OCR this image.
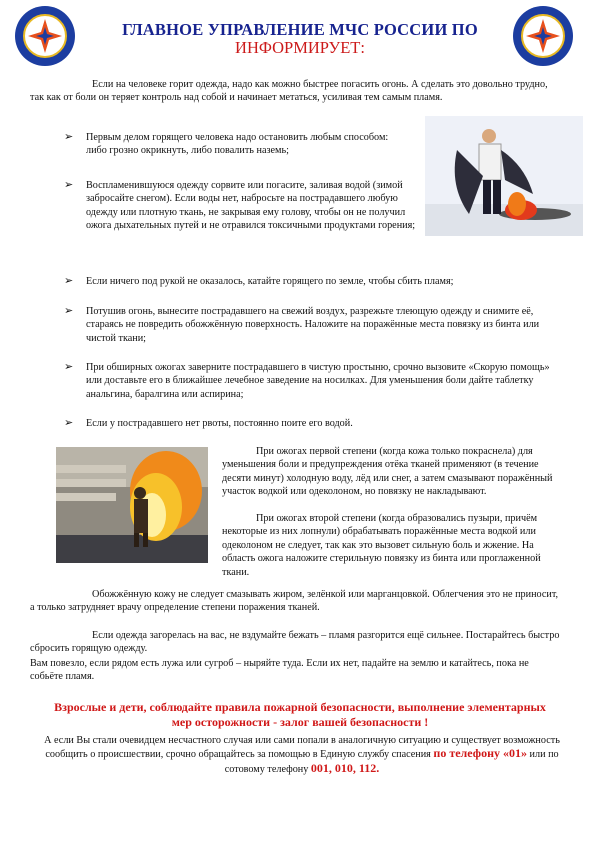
ГЛАВНОЕ УПРАВЛЕНИЕ МЧС РОССИИ ПО
ИНФОРМИРУЕТ:
Если на человеке горит одежда, надо как можно быстрее погасить огонь. А сделать это довольно трудно, так как от боли он теряет контроль над собой и начинает метаться, усиливая тем самым пламя.
➢ Первым делом горящего человека надо остановить любым способом: либо грозно окрикнуть, либо повалить наземь;
➢ Воспламенившуюся одежду сорвите или погасите, заливая водой (зимой забросайте снегом). Если воды нет, набросьте на пострадавшего любую одежду или плотную ткань, не закрывая ему голову, чтобы он не получил ожога дыхательных путей и не отравился токсичными продуктами горения;
➢ Если ничего под рукой не оказалось, катайте горящего по земле, чтобы сбить пламя;
➢ Потушив огонь, вынесите пострадавшего на свежий воздух, разрежьте тлеющую одежду и снимите её, стараясь не повредить обожжённую поверхность. Наложите на поражённые места повязку из бинта или чистой ткани;
➢ При обширных ожогах заверните пострадавшего в чистую простыню, срочно вызовите «Скорую помощь» или доставьте его в ближайшее лечебное заведение на носилках. Для уменьшения боли дайте таблетку анальгина, баралгина или аспирина;
➢ Если у пострадавшего нет рвоты, постоянно поите его водой.
При ожогах первой степени (когда кожа только покраснела) для уменьшения боли и предупреждения отёка тканей применяют (в течение десяти минут) холодную воду, лёд или снег, а затем смазывают поражённый участок водкой или одеколоном, но повязку не накладывают.
При ожогах второй степени (когда образовались пузыри, причём некоторые из них лопнули) обрабатывать поражённые места водкой или одеколоном не следует, так как это вызовет сильную боль и жжение. На область ожога наложите стерильную повязку из бинта или проглаженной ткани.
Обожжённую кожу не следует смазывать жиром, зелёнкой или марганцовкой. Облегчения это не приносит, а только затрудняет врачу определение степени поражения тканей.
Если одежда загорелась на вас, не вздумайте бежать – пламя разгорится ещё сильнее. Постарайтесь быстро сбросить горящую одежду.
Вам повезло, если рядом есть лужа или сугроб – ныряйте туда. Если их нет, падайте на землю и катайтесь, пока не собьёте пламя.
Взрослые и дети, соблюдайте правила пожарной безопасности, выполнение элементарных мер осторожности - залог вашей безопасности !
А если Вы стали очевидцем несчастного случая или сами попали в аналогичную ситуацию и существует возможность сообщить о происшествии, срочно обращайтесь за помощью в Единую службу спасения по телефону «01» или по сотовому телефону 001, 010, 112.
